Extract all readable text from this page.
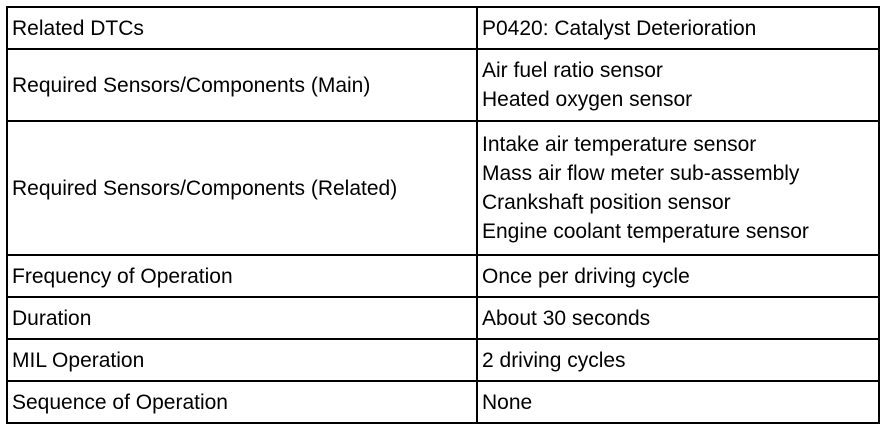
Related DTCs	P0420: Catalyst Deterioration

Required Sensors/Components (Main)	Air fuel ratio sensor
Heated oxygen sensor

Required Sensors/Components (Related)	Intake air temperature sensor
Mass air flow meter sub-assembly
Crankshaft position sensor
Engine coolant temperature sensor

Frequency of Operation	Once per driving cycle

Duration	About 30 seconds

MIL Operation	2 driving cycles

Sequence of Operation	None
